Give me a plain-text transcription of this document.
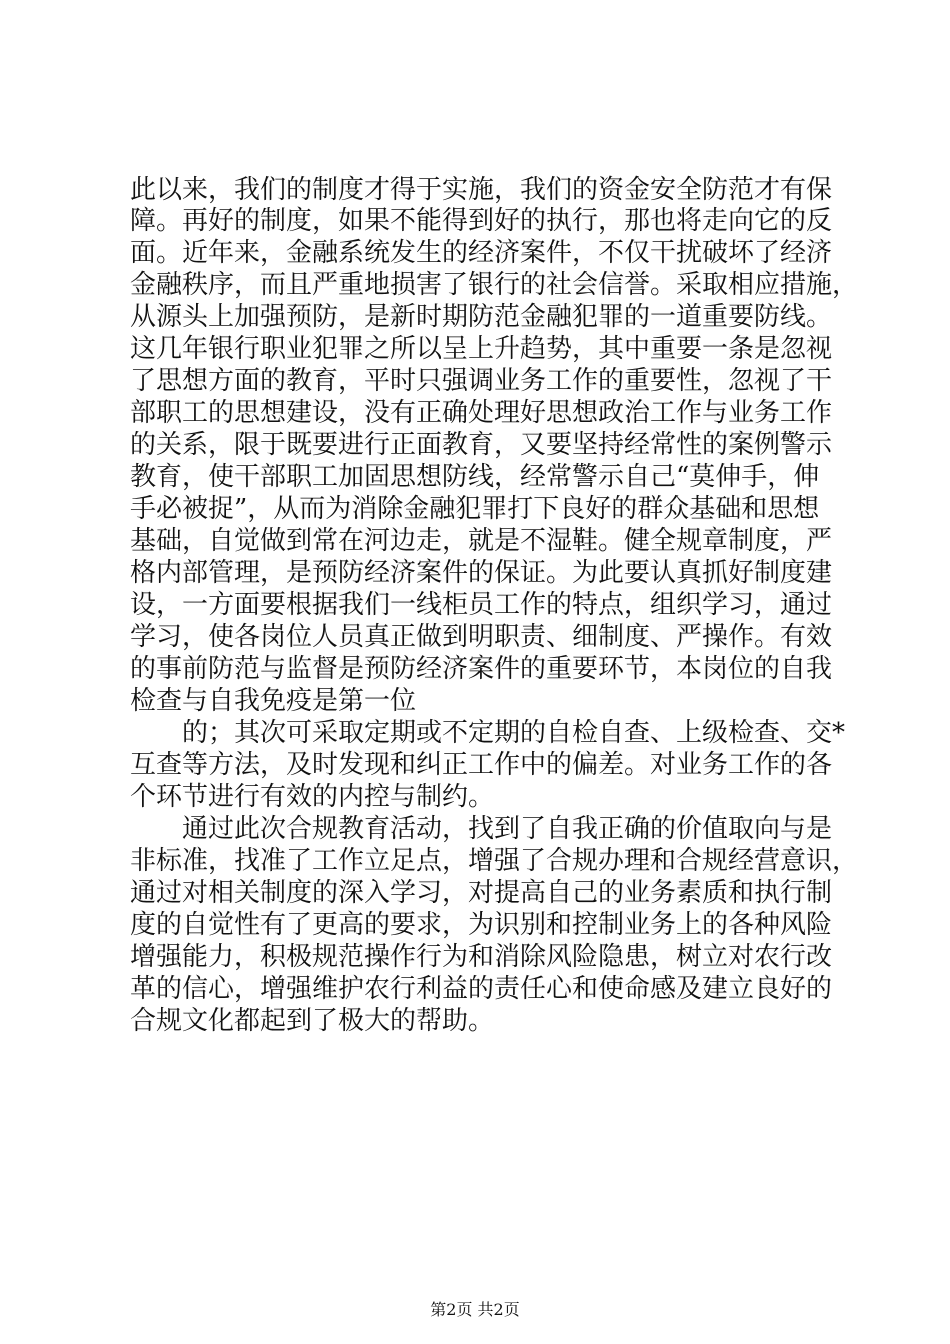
此以来，我们的制度才得于实施，我们的资金安全防范才有保
障。再好的制度，如果不能得到好的执行，那也将走向它的反
面。近年来，金融系统发生的经济案件，不仅干扰破坏了经济
金融秩序，而且严重地损害了银行的社会信誉。采取相应措施，
从源头上加强预防，是新时期防范金融犯罪的一道重要防线。
这几年银行职业犯罪之所以呈上升趋势，其中重要一条是忽视
了思想方面的教育，平时只强调业务工作的重要性，忽视了干
部职工的思想建设，没有正确处理好思想政治工作与业务工作
的关系，限于既要进行正面教育，又要坚持经常性的案例警示
教育，使干部职工加固思想防线，经常警示自己“莫伸手，伸
手必被捉”，从而为消除金融犯罪打下良好的群众基础和思想
基础，自觉做到常在河边走，就是不湿鞋。健全规章制度，严
格内部管理，是预防经济案件的保证。为此要认真抓好制度建
设，一方面要根据我们一线柜员工作的特点，组织学习，通过
学习，使各岗位人员真正做到明职责、细制度、严操作。有效
的事前防范与监督是预防经济案件的重要环节，本岗位的自我
检查与自我免疫是第一位
　　的；其次可采取定期或不定期的自检自查、上级检查、交*
互查等方法，及时发现和纠正工作中的偏差。对业务工作的各
个环节进行有效的内控与制约。
　　通过此次合规教育活动，找到了自我正确的价值取向与是
非标准，找准了工作立足点，增强了合规办理和合规经营意识，
通过对相关制度的深入学习，对提高自己的业务素质和执行制
度的自觉性有了更高的要求，为识别和控制业务上的各种风险
增强能力，积极规范操作行为和消除风险隐患，树立对农行改
革的信心，增强维护农行利益的责任心和使命感及建立良好的
合规文化都起到了极大的帮助。
第2页 共2页
